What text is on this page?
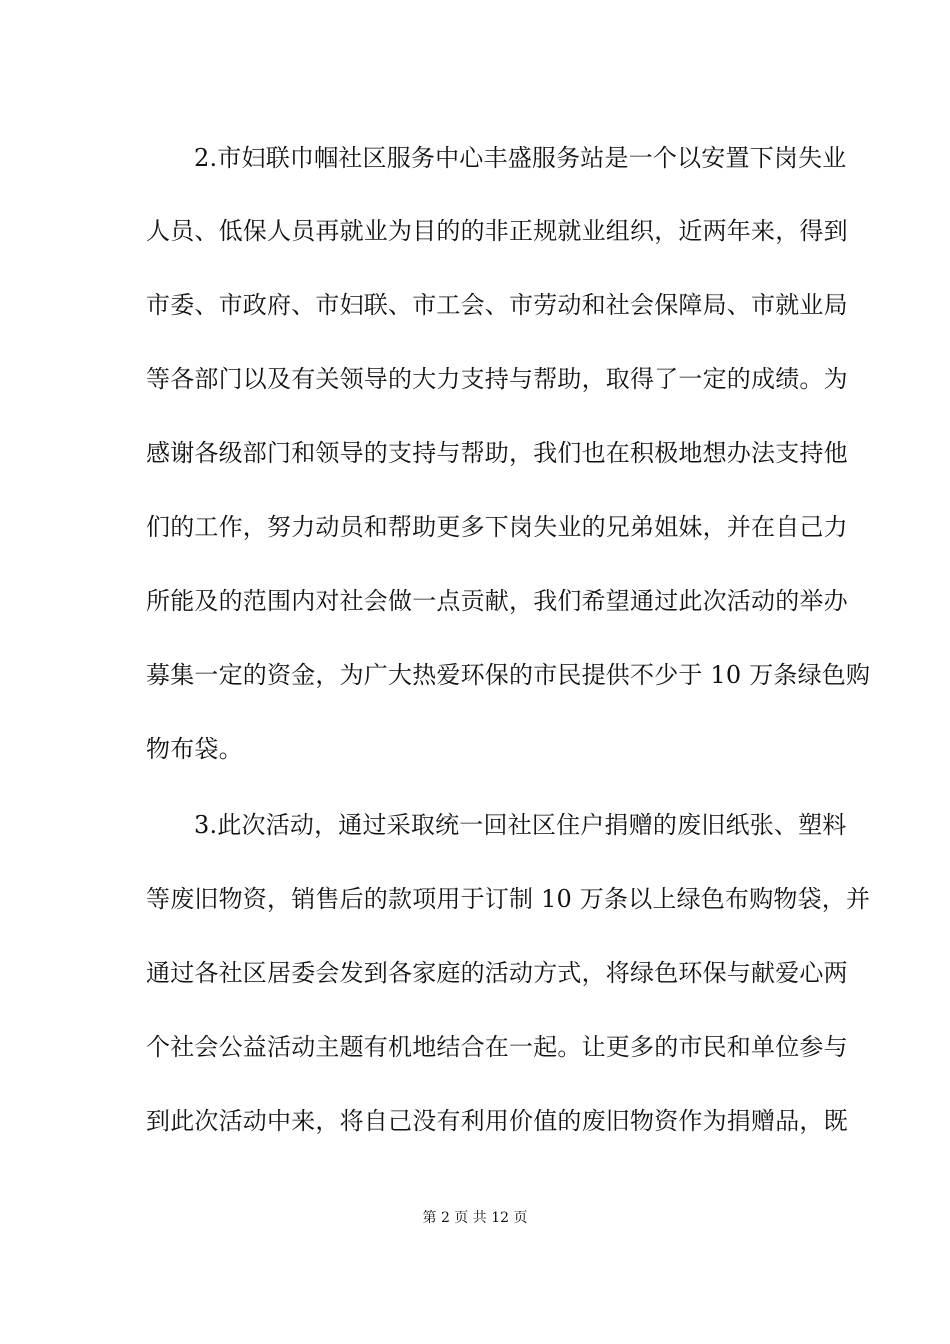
2.市妇联巾帼社区服务中心丰盛服务站是一个以安置下岗失业
人员、低保人员再就业为目的的非正规就业组织，近两年来，得到
市委、市政府、市妇联、市工会、市劳动和社会保障局、市就业局
等各部门以及有关领导的大力支持与帮助，取得了一定的成绩。为
感谢各级部门和领导的支持与帮助，我们也在积极地想办法支持他
们的工作，努力动员和帮助更多下岗失业的兄弟姐妹，并在自己力
所能及的范围内对社会做一点贡献，我们希望通过此次活动的举办
募集一定的资金，为广大热爱环保的市民提供不少于 10 万条绿色购
物布袋。
3.此次活动，通过采取统一回社区住户捐赠的废旧纸张、塑料
等废旧物资，销售后的款项用于订制 10 万条以上绿色布购物袋，并
通过各社区居委会发到各家庭的活动方式，将绿色环保与献爱心两
个社会公益活动主题有机地结合在一起。让更多的市民和单位参与
到此次活动中来，将自己没有利用价值的废旧物资作为捐赠品，既
第 2 页 共 12 页
